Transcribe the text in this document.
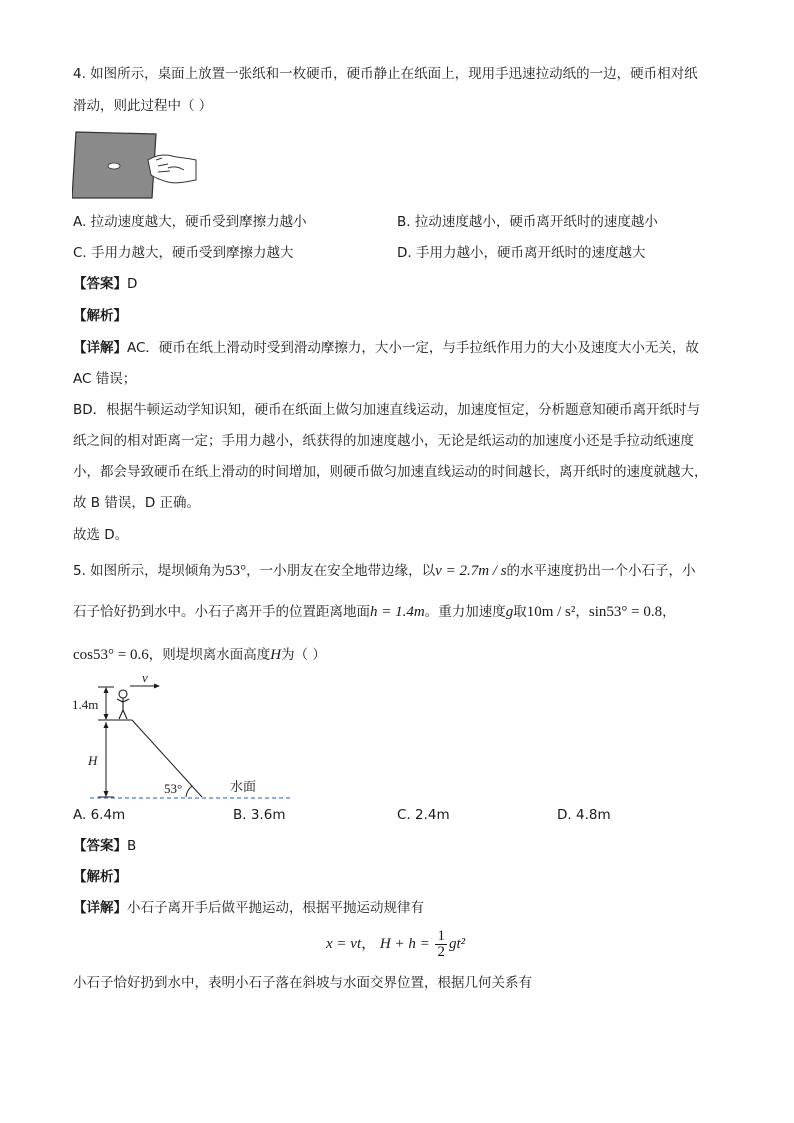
4. 如图所示，桌面上放置一张纸和一枚硬币，硬币静止在纸面上，现用手迅速拉动纸的一边，硬币相对纸
滑动，则此过程中（ ）
A. 拉动速度越大，硬币受到摩擦力越小	B. 拉动速度越小，硬币离开纸时的速度越小
C. 手用力越大，硬币受到摩擦力越大	D. 手用力越小，硬币离开纸时的速度越大
【答案】D
【解析】
【详解】AC．硬币在纸上滑动时受到滑动摩擦力，大小一定，与手拉纸作用力的大小及速度大小无关，故
AC 错误；
BD．根据牛顿运动学知识知，硬币在纸面上做匀加速直线运动，加速度恒定，分析题意知硬币离开纸时与
纸之间的相对距离一定；手用力越小，纸获得的加速度越小，无论是纸运动的加速度小还是手拉动纸速度
小，都会导致硬币在纸上滑动的时间增加，则硬币做匀加速直线运动的时间越长，离开纸时的速度就越大，
故 B 错误，D 正确。
故选 D。
5. 如图所示，堤坝倾角为53°，一小朋友在安全地带边缘，以v = 2.7m / s的水平速度扔出一个小石子，小
石子恰好扔到水中。小石子离开手的位置距离地面h = 1.4m。重力加速度g取10m / s²，sin53° = 0.8，
cos53° = 0.6，则堤坝离水面高度H为（ ）
v
1.4m
H
53°	水面
A. 6.4m	B. 3.6m	C. 2.4m	D. 4.8m
【答案】B
【解析】
【详解】小石子离开手后做平抛运动，根据平抛运动规律有
x = vt， $H + h = \frac{1}{2} gt^2$
小石子恰好扔到水中，表明小石子落在斜坡与水面交界位置，根据几何关系有
